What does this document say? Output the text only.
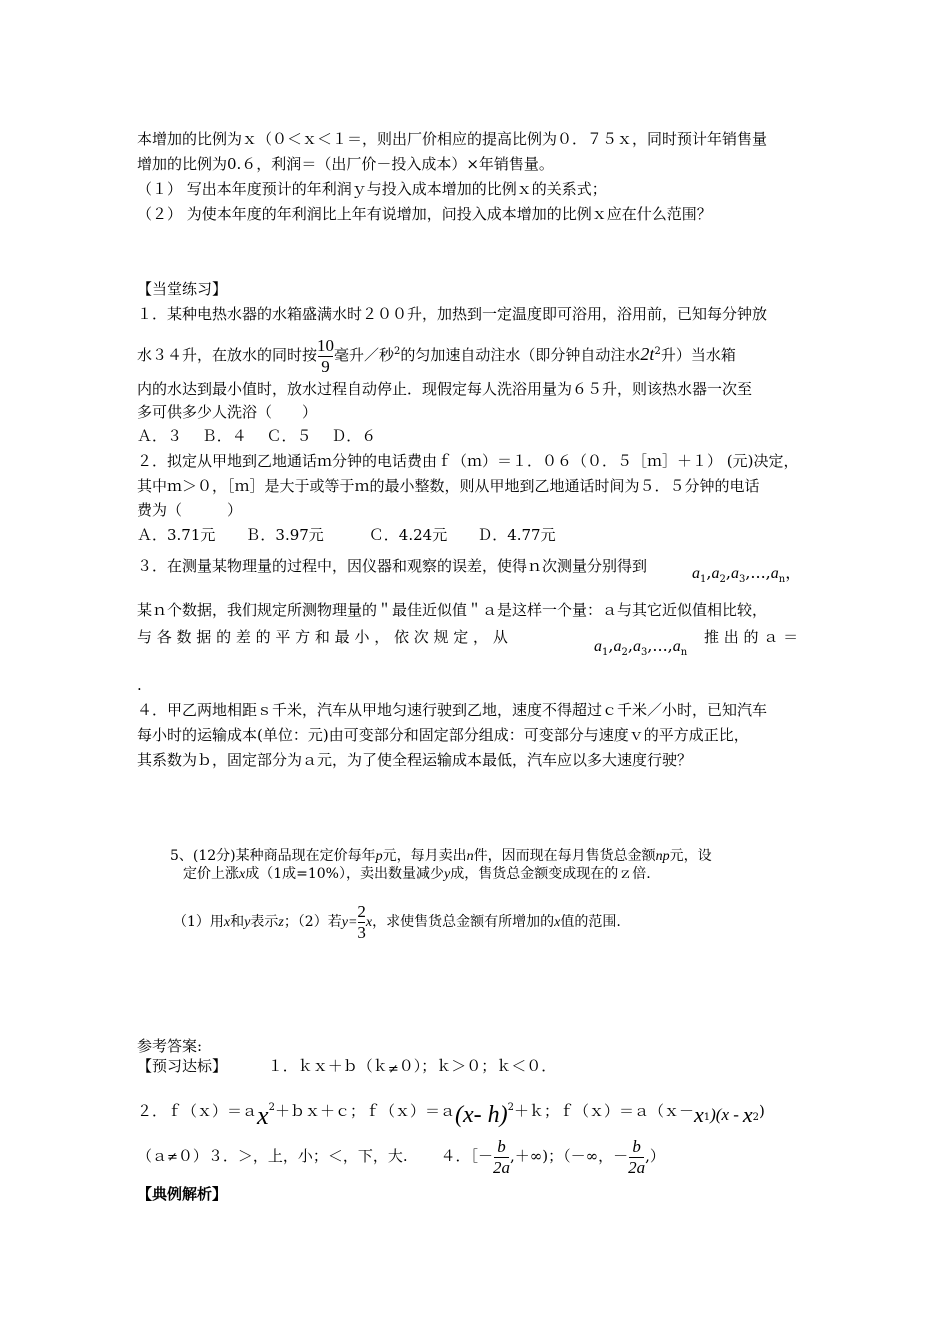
本增加的比例为ｘ（０＜ｘ＜１＝，则出厂价相应的提高比例为０．７５ｘ，同时预计年销售量
增加的比例为0.６，利润＝（出厂价－投入成本）×年销售量。
（１） 写出本年度预计的年利润ｙ与投入成本增加的比例ｘ的关系式；
（２） 为使本年度的年利润比上年有说增加，问投入成本增加的比例ｘ应在什么范围？
【当堂练习】
１．某种电热水器的水箱盛满水时２００升，加热到一定温度即可浴用，浴用前，已知每分钟放
水３４升，在放水的同时按 $\frac{10}{9}$ 毫升／秒$^2$的匀加速自动注水（即分钟自动注水$2t^2$升）当水箱
内的水达到最小值时，放水过程自动停止．现假定每人洗浴用量为６５升，则该热水器一次至
多可供多少人洗浴（　　）
Ａ．３　 Ｂ．４　 Ｃ．５　 Ｄ．６
２．拟定从甲地到乙地通话ｍ分钟的电话费由ｆ（ｍ）＝１．０６（０．５［ｍ］＋１） (元)决定，
其中ｍ＞０，［ｍ］是大于或等于ｍ的最小整数，则从甲地到乙地通话时间为５．５分钟的电话
费为（　　　）
Ａ．3.71元　　Ｂ．3.97元　　　Ｃ．4.24元　　Ｄ．4.77元
３．在测量某物理量的过程中，因仪器和观察的误差，使得ｎ次测量分别得到	$a_1,a_2,a_3,...,a_n$，
某ｎ个数据，我们规定所测物理量的＂最佳近似值＂ａ是这样一个量：ａ与其它近似值相比较，
与 各 数 据 的 差 的 平 方 和 最 小 ， 依 次 规 定 ， 从
$a_1,a_2,a_3,...,a_n$
推 出 的 ａ ＝
.
４．甲乙两地相距ｓ千米，汽车从甲地匀速行驶到乙地，速度不得超过ｃ千米／小时，已知汽车
每小时的运输成本(单位：元)由可变部分和固定部分组成：可变部分与速度ｖ的平方成正比，
其系数为ｂ，固定部分为ａ元，为了使全程运输成本最低，汽车应以多大速度行驶？
5、(12分)某种商品现在定价每年p元，每月卖出n件，因而现在每月售货总金额np元，设
定价上涨x成（1成=10%），卖出数量减少y成，售货总金额变成现在的ｚ倍.
（1）用x和y表示z；（2）若$y= \frac{2}{3}$ x，求使售货总金额有所增加的x值的范围.
参考答案:
【预习达标】	１．ｋｘ＋ｂ（ｋ≠０）；ｋ＞０；ｋ＜０．
２．ｆ（ｘ）＝ａx$^2$＋ｂｘ＋ｃ；ｆ（ｘ）＝ａ(x- h)$^2$＋ｋ；$f(x)=a(x-x_1)(x - x_2)$
（ａ≠０）３．＞，上，小；＜，下，大. ４．［－ $\frac{b}{2a}$ ,＋∞)；（－∞，－ $\frac{b}{2a}$ ,）
【典例解析】
